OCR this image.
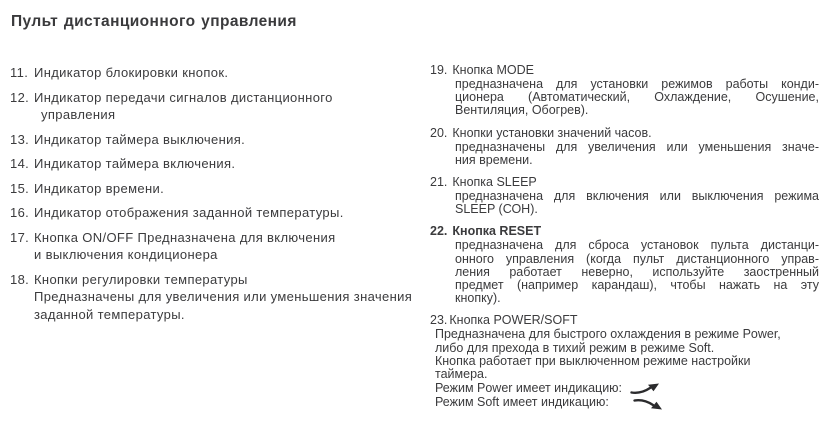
Пульт дистанционного управления
11. Индикатор блокировки кнопок.
12. Индикатор передачи сигналов дистанционного
управления
13. Индикатор таймера выключения.
14. Индикатор таймера включения.
15. Индикатор времени.
16. Индикатор отображения заданной температуры.
17. Кнопка ON/OFF Предназначена для включения
и выключения кондиционера
18. Кнопки регулировки температуры
Предназначены для увеличения или уменьшения значения
заданной температуры.
19. Кнопка MODE
предназначена для установки режимов работы конди-
ционера (Автоматический, Охлаждение, Осушение,
Вентиляция, Обогрев).
20. Кнопки установки значений часов.
предназначены для увеличения или уменьшения значе-
ния времени.
21. Кнопка SLEEP
предназначена для включения или выключения режима
SLEEP (СОН).
22. Кнопка RESET
предназначена для сброса установок пульта дистанци-
онного управления (когда пульт дистанционного управ-
ления работает неверно, используйте заостренный
предмет (например карандаш), чтобы нажать на эту
кнопку).
23. Кнопка POWER/SOFT
Предназначена для быстрого охлаждения в режиме Power,
либо для прехода в тихий режим в режиме Soft.
Кнопка работает при выключенном режиме настройки
таймера.
Режим Power имеет индикацию:
Режим Soft имеет индикацию:
